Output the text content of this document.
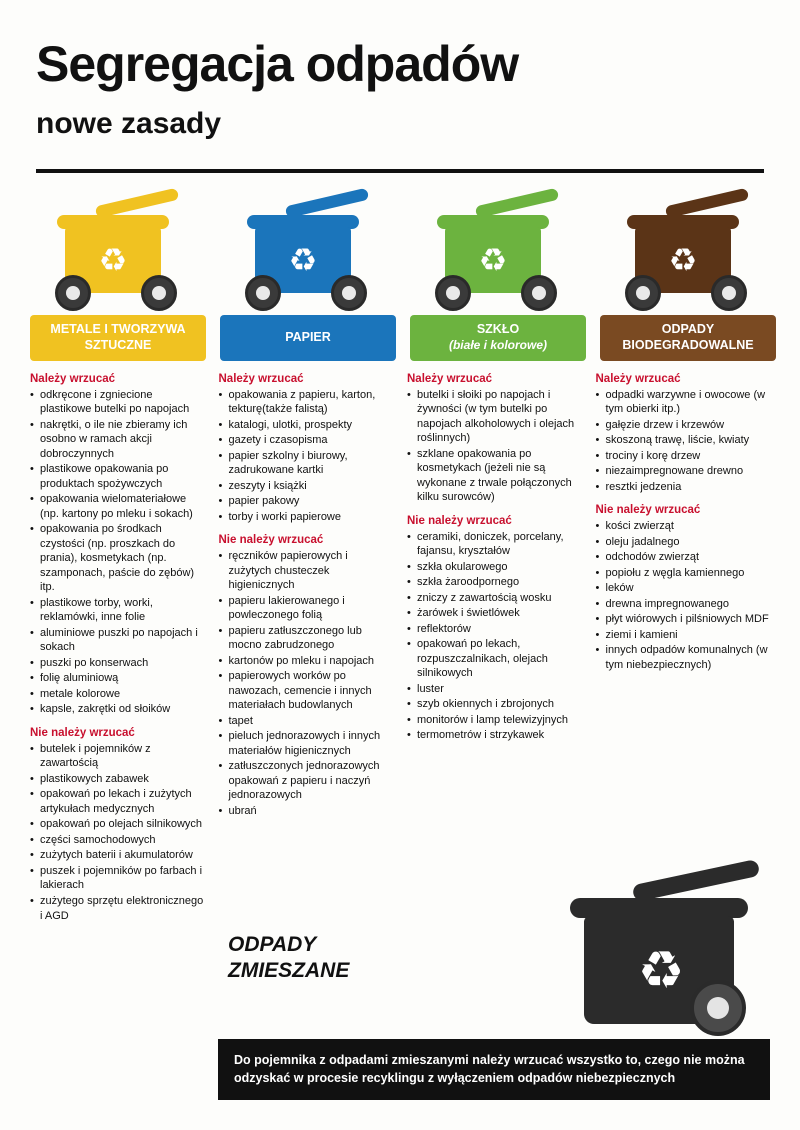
Segregacja odpadów
nowe zasady
♻
METALE I TWORZYWA SZTUCZNE
♻
PAPIER
♻
SZKŁO
(białe i kolorowe)
♻
ODPADY BIODEGRADOWALNE

Należy wrzucać

• odkręcone i zgniecione plastikowe butelki po napojach
• nakrętki, o ile nie zbieramy ich osobno w ramach akcji dobroczynnych
• plastikowe opakowania po produktach spożywczych
• opakowania wielomateriałowe (np. kartony po mleku i sokach)
• opakowania po środkach czystości (np. proszkach do prania), kosmetykach (np. szamponach, paście do zębów) itp.
• plastikowe torby, worki, reklamówki, inne folie
• aluminiowe puszki po napojach i sokach
• puszki po konserwach
• folię aluminiową
• metale kolorowe
• kapsle, zakrętki od słoików

Nie należy wrzucać

• butelek i pojemników z zawartością
• plastikowych zabawek
• opakowań po lekach i zużytych artykułach medycznych
• opakowań po olejach silnikowych
• części samochodowych
• zużytych baterii i akumulatorów
• puszek i pojemników po farbach i lakierach
• zużytego sprzętu elektronicznego i AGD

Należy wrzucać

• opakowania z papieru, karton, tekturę(także falistą)
• katalogi, ulotki, prospekty
• gazety i czasopisma
• papier szkolny i biurowy, zadrukowane kartki
• zeszyty i książki
• papier pakowy
• torby i worki papierowe

Nie należy wrzucać

• ręczników papierowych i zużytych chusteczek higienicznych
• papieru lakierowanego i powleczonego folią
• papieru zatłuszczonego lub mocno zabrudzonego
• kartonów po mleku i napojach
• papierowych worków po nawozach, cemencie i innych materiałach budowlanych
• tapet
• pieluch jednorazowych i innych materiałów higienicznych
• zatłuszczonych jednorazowych opakowań z papieru i naczyń jednorazowych
• ubrań

Należy wrzucać

• butelki i słoiki po napojach i żywności (w tym butelki po napojach alkoholowych i olejach roślinnych)
• szklane opakowania po kosmetykach (jeżeli nie są wykonane z trwale połączonych kilku surowców)

Nie należy wrzucać

• ceramiki, doniczek, porcelany, fajansu, kryształów
• szkła okularowego
• szkła żaroodpornego
• zniczy z zawartością wosku
• żarówek i świetlówek
• reflektorów
• opakowań po lekach, rozpuszczalnikach, olejach silnikowych
• luster
• szyb okiennych i zbrojonych
• monitorów i lamp telewizyjnych
• termometrów i strzykawek

Należy wrzucać

• odpadki warzywne i owocowe (w tym obierki itp.)
• gałęzie drzew i krzewów
• skoszoną trawę, liście, kwiaty
• trociny i korę drzew
• niezaimpregnowane drewno
• resztki jedzenia

Nie należy wrzucać

• kości zwierząt
• oleju jadalnego
• odchodów zwierząt
• popiołu z węgla kamiennego
• leków
• drewna impregnowanego
• płyt wiórowych i pilśniowych MDF
• ziemi i kamieni
• innych odpadów komunalnych (w tym niebezpiecznych)
ODPADY
ZMIESZANE	♻
Do pojemnika z odpadami zmieszanymi należy wrzucać wszystko to, czego nie można odzyskać w procesie recyklingu z wyłączeniem odpadów niebezpiecznych
